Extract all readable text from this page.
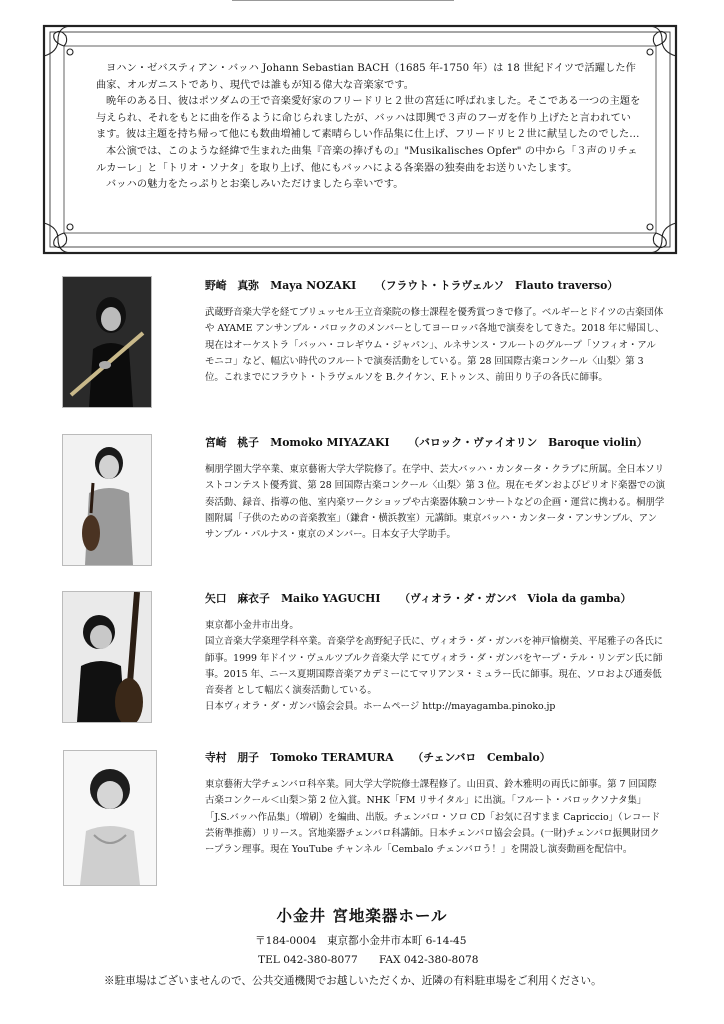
ヨハン・ゼバスティアン・バッハ Johann Sebastian BACH（1685 年-1750 年）は 18 世紀ドイツで活躍した作曲家、オルガニストであり、現代では誰もが知る偉大な音楽家です。

晩年のある日、彼はポツダムの王で音楽愛好家のフリードリヒ２世の宮廷に呼ばれました。そこである一つの主題を与えられ、それをもとに曲を作るように命じられましたが、バッハは即興で３声のフーガを作り上げたと言われています。彼は主題を持ち帰って他にも数曲増補して素晴らしい作品集に仕上げ、フリードリヒ２世に献呈したのでした…

本公演では、このような経緯で生まれた曲集『音楽の捧げもの』"Musikalisches Opfer" の中から「３声のリチェルカーレ」と「トリオ・ソナタ」を取り上げ、他にもバッハによる各楽器の独奏曲をお送りいたします。

バッハの魅力をたっぷりとお楽しみいただけましたら幸いです。

野崎　真弥 Maya NOZAKI （フラウト・トラヴェルソ　Flauto traverso）

武蔵野音楽大学を経てブリュッセル王立音楽院の修士課程を優秀賞つきで修了。ベルギーとドイツの古楽団体や AYAME アンサンブル・バロックのメンバーとしてヨーロッパ各地で演奏をしてきた。2018 年に帰国し、現在はオーケストラ「バッハ・コレギウム・ジャパン」、ルネサンス・フルートのグループ「ソフィオ・アルモニコ」など、幅広い時代のフルートで演奏活動をしている。第 28 回国際古楽コンクール〈山梨〉第 3 位。これまでにフラウト・トラヴェルソを B.クイケン、F.トゥンス、前田りり子の各氏に師事。

宮崎　桃子 Momoko MIYAZAKI （バロック・ヴァイオリン　Baroque violin）

桐朋学園大学卒業、東京藝術大学大学院修了。在学中、芸大バッハ・カンタータ・クラブに所属。全日本ソリストコンテスト優秀賞、第 28 回国際古楽コンクール〈山梨〉第 3 位。現在モダンおよびピリオド楽器での演奏活動、録音、指導の他、室内楽ワークショップや古楽器体験コンサートなどの企画・運営に携わる。桐朋学園附属「子供のための音楽教室」（鎌倉・横浜教室）元講師。東京バッハ・カンタータ・アンサンブル、アンサンブル・パルナス・東京のメンバー。日本女子大学助手。

矢口　麻衣子 Maiko YAGUCHI （ヴィオラ・ダ・ガンバ　Viola da gamba）

東京都小金井市出身。
国立音楽大学楽理学科卒業。音楽学を高野紀子氏に、ヴィオラ・ダ・ガンバを神戸愉樹美、平尾雅子の各氏に師事。1999 年ドイツ・ヴュルツブルク音楽大学 にてヴィオラ・ダ・ガンバをヤープ・テル・リンデン氏に師事。2015 年、ニース夏期国際音楽アカデミーにてマリアンヌ・ミュラー氏に師事。現在、ソロおよび通奏低音奏者 として幅広く演奏活動している。
日本ヴィオラ・ダ・ガンバ協会会員。ホームページ http://mayagamba.pinoko.jp

寺村　朋子 Tomoko TERAMURA （チェンバロ　Cembalo）

東京藝術大学チェンバロ科卒業。同大学大学院修士課程修了。山田貢、鈴木雅明の両氏に師事。第 7 回国際古楽コンクール＜山梨＞第 2 位入賞。NHK「FM リサイタル」に出演。「フルート・パロックソナタ集」「J.S.バッハ作品集」（増刷）を編曲、出版。チェンバロ・ソロ CD「お気に召すまま Capriccio」（レコード芸術準推薦）リリース。宮地楽器チェンバロ科講師。日本チェンバロ協会会員。(一財)チェンバロ振興財団クープラン理事。現在 YouTube チャンネル「Cembalo チェンバロう！」を開設し演奏動画を配信中。

小金井 宮地楽器ホール
〒184-0004　東京都小金井市本町 6-14-45
TEL 042-380-8077　　FAX 042-380-8078
※駐車場はございませんので、公共交通機関でお越しいただくか、近隣の有料駐車場をご利用ください。
